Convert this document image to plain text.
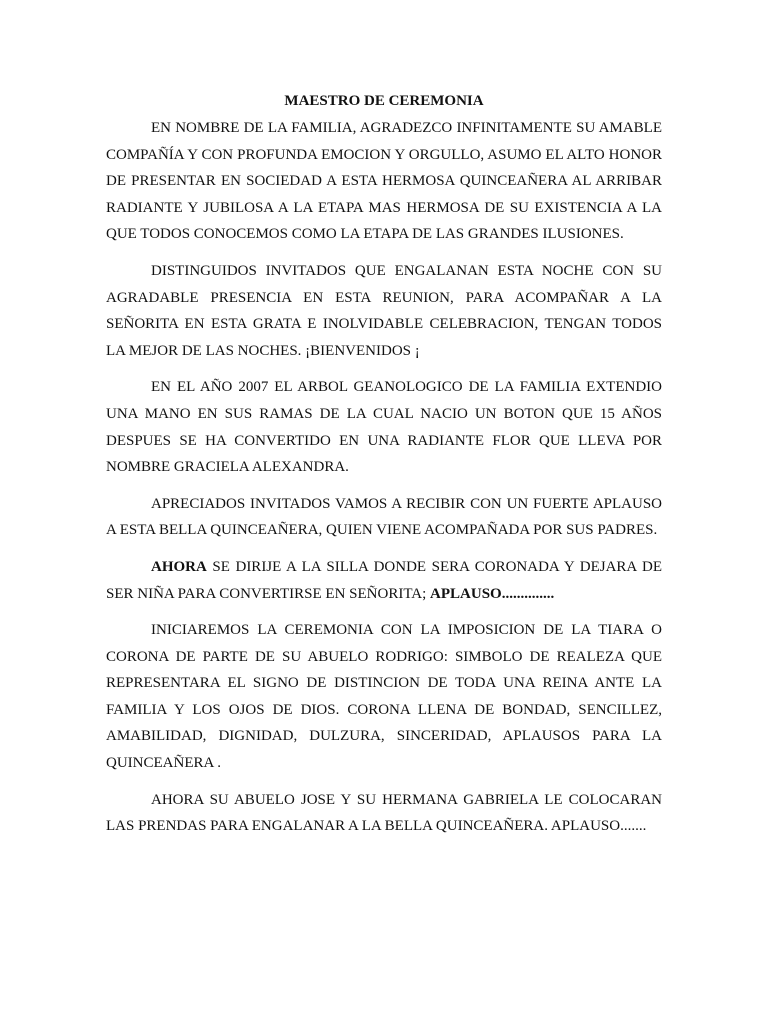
MAESTRO DE CEREMONIA

EN NOMBRE DE LA FAMILIA, AGRADEZCO INFINITAMENTE SU AMABLE COMPAÑÍA Y CON PROFUNDA EMOCION Y ORGULLO, ASUMO EL ALTO HONOR DE PRESENTAR EN SOCIEDAD A ESTA HERMOSA QUINCEAÑERA AL ARRIBAR RADIANTE Y JUBILOSA A LA ETAPA MAS HERMOSA DE SU EXISTENCIA A LA QUE TODOS CONOCEMOS COMO LA ETAPA DE LAS GRANDES ILUSIONES.

DISTINGUIDOS INVITADOS QUE ENGALANAN ESTA NOCHE CON SU AGRADABLE PRESENCIA EN ESTA REUNION, PARA ACOMPAÑAR A LA SEÑORITA EN ESTA GRATA E INOLVIDABLE CELEBRACION, TENGAN TODOS LA MEJOR DE LAS NOCHES. ¡BIENVENIDOS ¡

EN EL AÑO 2007 EL ARBOL GEANOLOGICO DE LA FAMILIA EXTENDIO UNA MANO EN SUS RAMAS DE LA CUAL NACIO UN BOTON QUE 15 AÑOS DESPUES SE HA CONVERTIDO EN UNA RADIANTE FLOR QUE LLEVA POR NOMBRE GRACIELA ALEXANDRA.

APRECIADOS INVITADOS VAMOS A RECIBIR CON UN FUERTE APLAUSO A ESTA BELLA QUINCEAÑERA, QUIEN VIENE ACOMPAÑADA POR SUS PADRES.

AHORA SE DIRIJE A LA SILLA DONDE SERA CORONADA Y DEJARA DE SER NIÑA PARA CONVERTIRSE EN SEÑORITA; APLAUSO..............

INICIAREMOS LA CEREMONIA CON LA IMPOSICION DE LA TIARA O CORONA DE PARTE DE SU ABUELO RODRIGO: SIMBOLO DE REALEZA QUE REPRESENTARA EL SIGNO DE DISTINCION DE TODA UNA REINA ANTE LA FAMILIA Y LOS OJOS DE DIOS. CORONA LLENA DE BONDAD, SENCILLEZ, AMABILIDAD, DIGNIDAD, DULZURA, SINCERIDAD, APLAUSOS PARA LA QUINCEAÑERA .

AHORA SU ABUELO JOSE Y SU HERMANA GABRIELA LE COLOCARAN LAS PRENDAS PARA ENGALANAR A LA BELLA QUINCEAÑERA. APLAUSO.......
